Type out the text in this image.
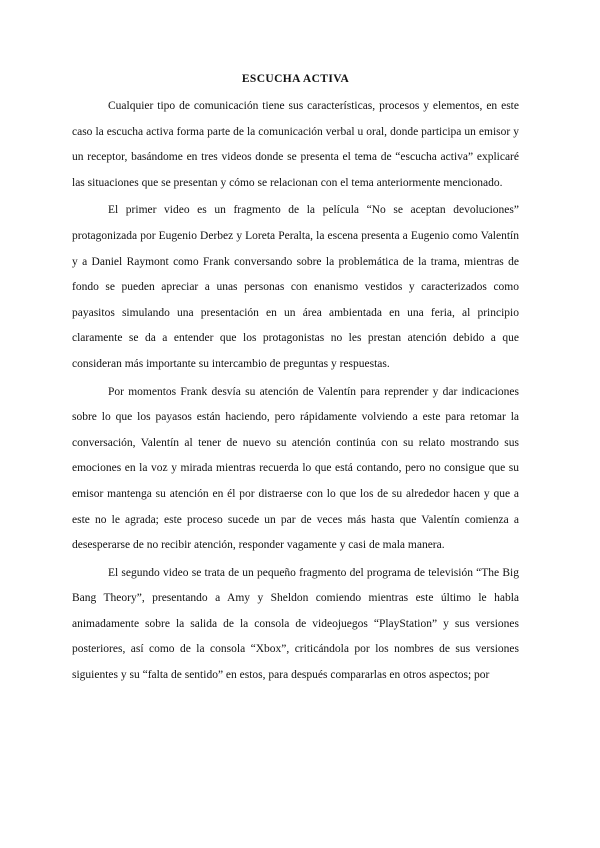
ESCUCHA ACTIVA

Cualquier tipo de comunicación tiene sus características, procesos y elementos, en este caso la escucha activa forma parte de la comunicación verbal u oral, donde participa un emisor y un receptor, basándome en tres videos donde se presenta el tema de “escucha activa” explicaré las situaciones que se presentan y cómo se relacionan con el tema anteriormente mencionado.

El primer video es un fragmento de la película “No se aceptan devoluciones” protagonizada por Eugenio Derbez y Loreta Peralta, la escena presenta a Eugenio como Valentín y a Daniel Raymont como Frank conversando sobre la problemática de la trama, mientras de fondo se pueden apreciar a unas personas con enanismo vestidos y caracterizados como payasitos simulando una presentación en un área ambientada en una feria, al principio claramente se da a entender que los protagonistas no les prestan atención debido a que consideran más importante su intercambio de preguntas y respuestas.

Por momentos Frank desvía su atención de Valentín para reprender y dar indicaciones sobre lo que los payasos están haciendo, pero rápidamente volviendo a este para retomar la conversación, Valentín al tener de nuevo su atención continúa con su relato mostrando sus emociones en la voz y mirada mientras recuerda lo que está contando, pero no consigue que su emisor mantenga su atención en él por distraerse con lo que los de su alrededor hacen y que a este no le agrada; este proceso sucede un par de veces más hasta que Valentín comienza a desesperarse de no recibir atención, responder vagamente y casi de mala manera.

El segundo video se trata de un pequeño fragmento del programa de televisión “The Big Bang Theory”, presentando a Amy y Sheldon comiendo mientras este último le habla animadamente sobre la salida de la consola de videojuegos “PlayStation” y sus versiones posteriores, así como de la consola “Xbox”, criticándola por los nombres de sus versiones siguientes y su “falta de sentido” en estos, para después compararlas en otros aspectos; por
